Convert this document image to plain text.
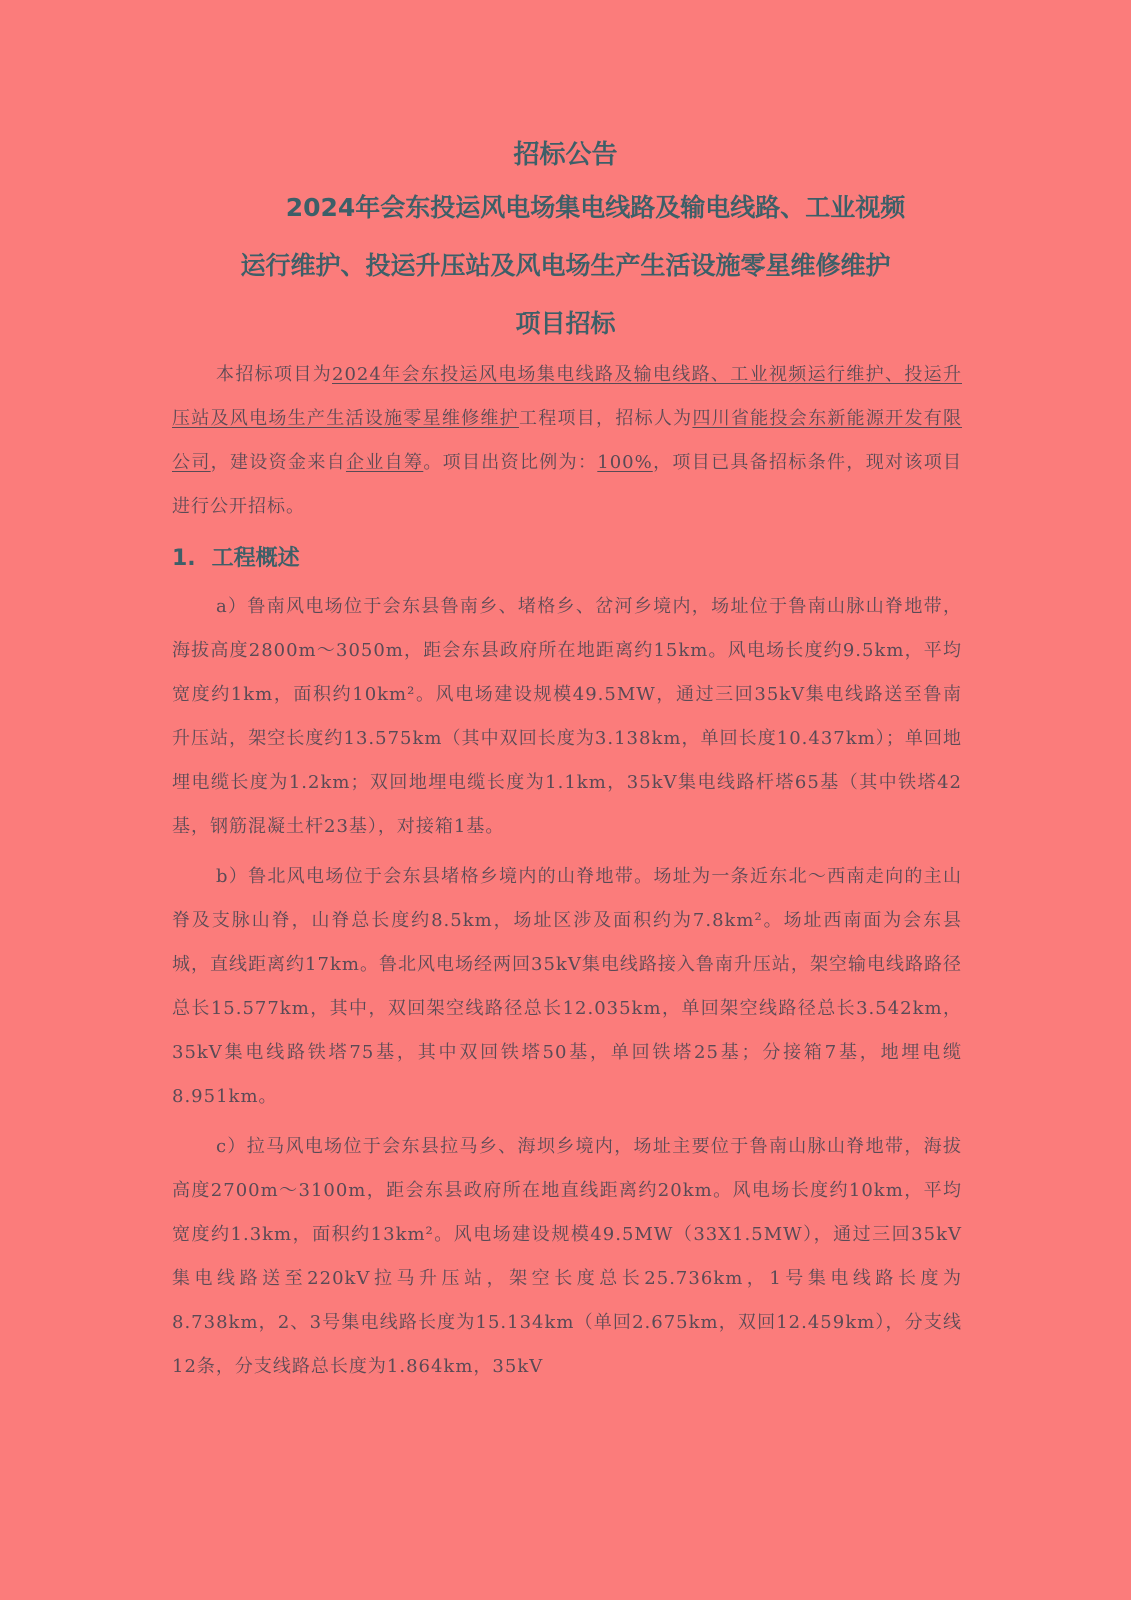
招标公告
2024年会东投运风电场集电线路及输电线路、工业视频
运行维护、投运升压站及风电场生产生活设施零星维修维护
项目招标

本招标项目为2024年会东投运风电场集电线路及输电线路、工业视频运行维护、投运升压站及风电场生产生活设施零星维修维护工程项目，招标人为四川省能投会东新能源开发有限公司，建设资金来自企业自筹。项目出资比例为：100%，项目已具备招标条件，现对该项目进行公开招标。

1. 工程概述

a）鲁南风电场位于会东县鲁南乡、堵格乡、岔河乡境内，场址位于鲁南山脉山脊地带，海拔高度2800m～3050m，距会东县政府所在地距离约15km。风电场长度约9.5km，平均宽度约1km，面积约10km²。风电场建设规模49.5MW，通过三回35kV集电线路送至鲁南升压站，架空长度约13.575km（其中双回长度为3.138km，单回长度10.437km）；单回地埋电缆长度为1.2km；双回地埋电缆长度为1.1km，35kV集电线路杆塔65基（其中铁塔42基，钢筋混凝土杆23基），对接箱1基。

b）鲁北风电场位于会东县堵格乡境内的山脊地带。场址为一条近东北～西南走向的主山脊及支脉山脊，山脊总长度约8.5km，场址区涉及面积约为7.8km²。场址西南面为会东县城，直线距离约17km。鲁北风电场经两回35kV集电线路接入鲁南升压站，架空输电线路路径总长15.577km，其中，双回架空线路径总长12.035km，单回架空线路径总长3.542km，35kV集电线路铁塔75基，其中双回铁塔50基，单回铁塔25基；分接箱7基，地埋电缆8.951km。

c）拉马风电场位于会东县拉马乡、海坝乡境内，场址主要位于鲁南山脉山脊地带，海拔高度2700m～3100m，距会东县政府所在地直线距离约20km。风电场长度约10km，平均宽度约1.3km，面积约13km²。风电场建设规模49.5MW（33X1.5MW），通过三回35kV集电线路送至220kV拉马升压站，架空长度总长25.736km，1号集电线路长度为8.738km，2、3号集电线路长度为15.134km（单回2.675km，双回12.459km），分支线12条，分支线路总长度为1.864km，35kV
